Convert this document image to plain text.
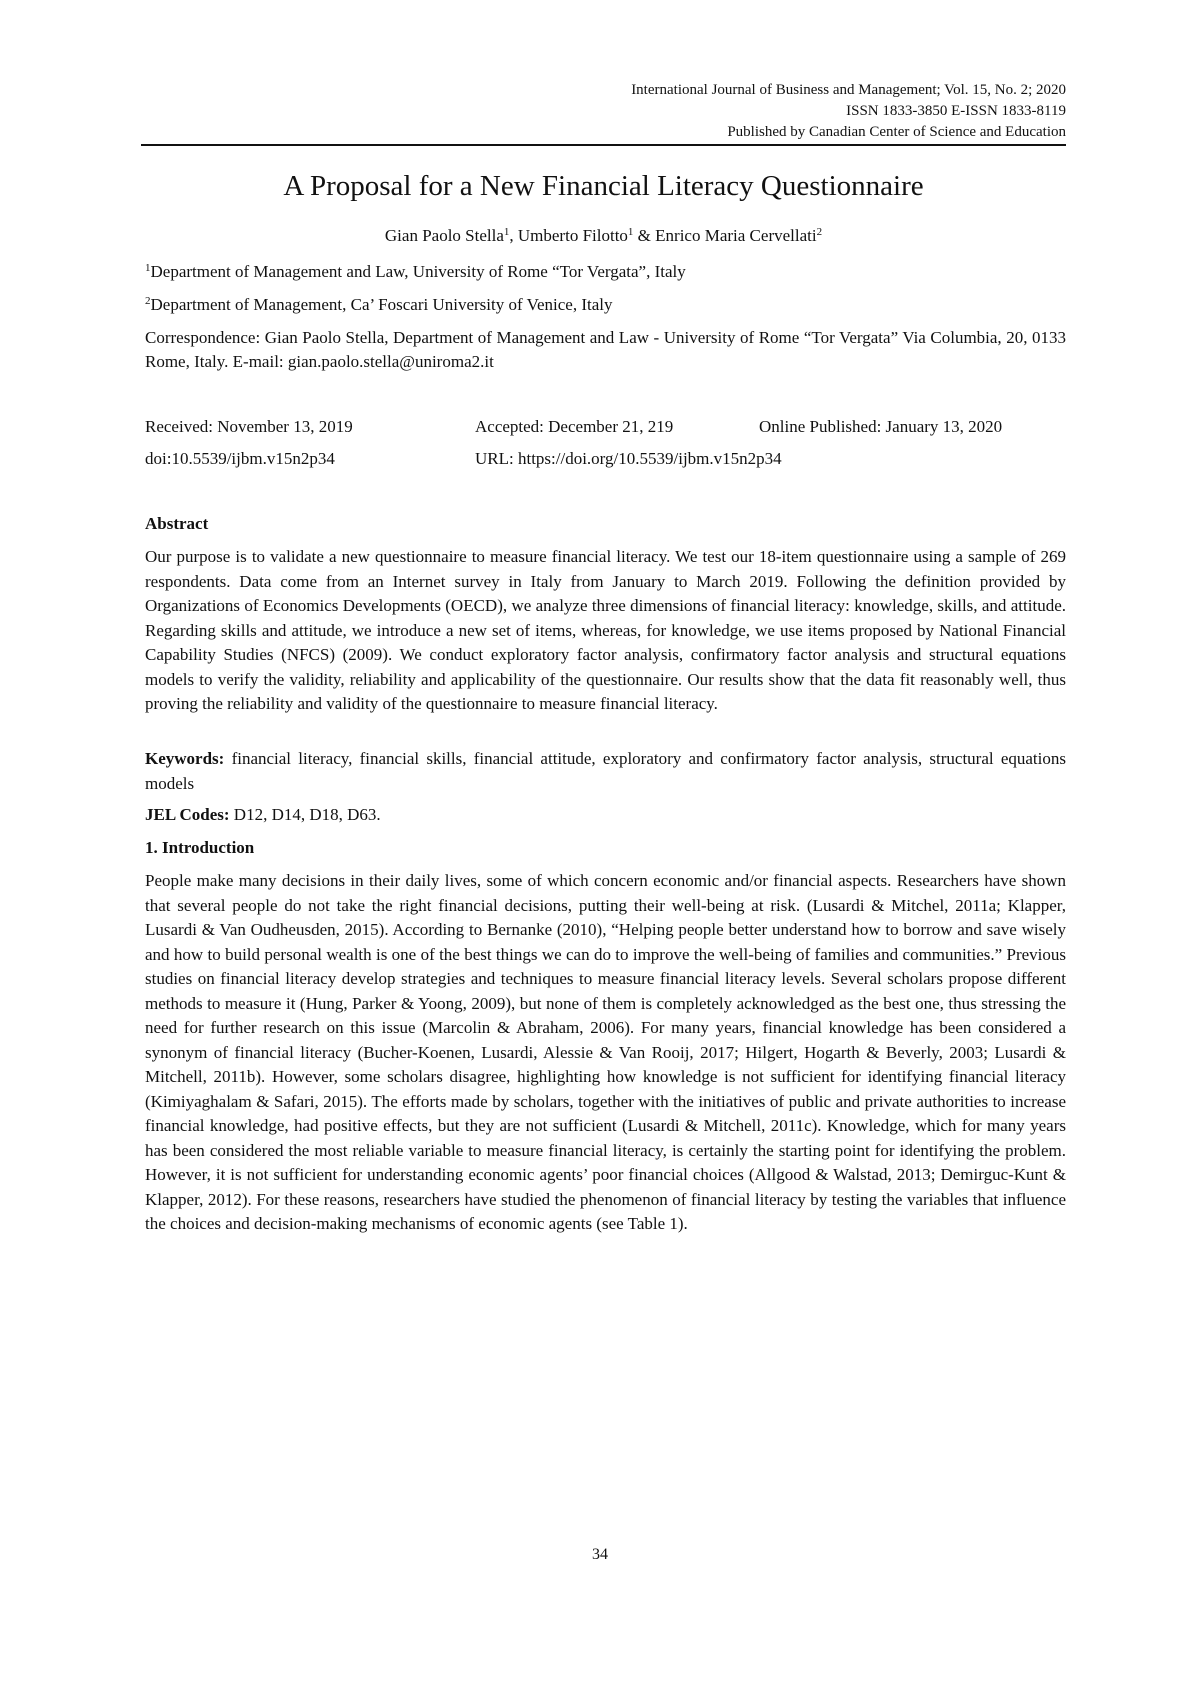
International Journal of Business and Management; Vol. 15, No. 2; 2020
ISSN 1833-3850 E-ISSN 1833-8119
Published by Canadian Center of Science and Education
A Proposal for a New Financial Literacy Questionnaire
Gian Paolo Stella$^1$, Umberto Filotto$^1$ & Enrico Maria Cervellati$^2$
$^1$Department of Management and Law, University of Rome “Tor Vergata”, Italy
$^2$Department of Management, Ca’ Foscari University of Venice, Italy
Correspondence: Gian Paolo Stella, Department of Management and Law - University of Rome “Tor Vergata” Via Columbia, 20, 0133 Rome, Italy. E-mail: gian.paolo.stella@uniroma2.it
Received: November 13, 2019	Accepted: December 21, 219	Online Published: January 13, 2020
doi:10.5539/ijbm.v15n2p34	URL: https://doi.org/10.5539/ijbm.v15n2p34
Abstract
Our purpose is to validate a new questionnaire to measure financial literacy. We test our 18-item questionnaire using a sample of 269 respondents. Data come from an Internet survey in Italy from January to March 2019. Following the definition provided by Organizations of Economics Developments (OECD), we analyze three dimensions of financial literacy: knowledge, skills, and attitude. Regarding skills and attitude, we introduce a new set of items, whereas, for knowledge, we use items proposed by National Financial Capability Studies (NFCS) (2009). We conduct exploratory factor analysis, confirmatory factor analysis and structural equations models to verify the validity, reliability and applicability of the questionnaire. Our results show that the data fit reasonably well, thus proving the reliability and validity of the questionnaire to measure financial literacy.
Keywords: financial literacy, financial skills, financial attitude, exploratory and confirmatory factor analysis, structural equations models
JEL Codes: D12, D14, D18, D63.
1. Introduction
People make many decisions in their daily lives, some of which concern economic and/or financial aspects. Researchers have shown that several people do not take the right financial decisions, putting their well-being at risk. (Lusardi & Mitchel, 2011a; Klapper, Lusardi & Van Oudheusden, 2015). According to Bernanke (2010), “Helping people better understand how to borrow and save wisely and how to build personal wealth is one of the best things we can do to improve the well-being of families and communities.” Previous studies on financial literacy develop strategies and techniques to measure financial literacy levels. Several scholars propose different methods to measure it (Hung, Parker & Yoong, 2009), but none of them is completely acknowledged as the best one, thus stressing the need for further research on this issue (Marcolin & Abraham, 2006). For many years, financial knowledge has been considered a synonym of financial literacy (Bucher-Koenen, Lusardi, Alessie & Van Rooij, 2017; Hilgert, Hogarth & Beverly, 2003; Lusardi & Mitchell, 2011b). However, some scholars disagree, highlighting how knowledge is not sufficient for identifying financial literacy (Kimiyaghalam & Safari, 2015). The efforts made by scholars, together with the initiatives of public and private authorities to increase financial knowledge, had positive effects, but they are not sufficient (Lusardi & Mitchell, 2011c). Knowledge, which for many years has been considered the most reliable variable to measure financial literacy, is certainly the starting point for identifying the problem. However, it is not sufficient for understanding economic agents’ poor financial choices (Allgood & Walstad, 2013; Demirguc-Kunt & Klapper, 2012). For these reasons, researchers have studied the phenomenon of financial literacy by testing the variables that influence the choices and decision-making mechanisms of economic agents (see Table 1).
34
